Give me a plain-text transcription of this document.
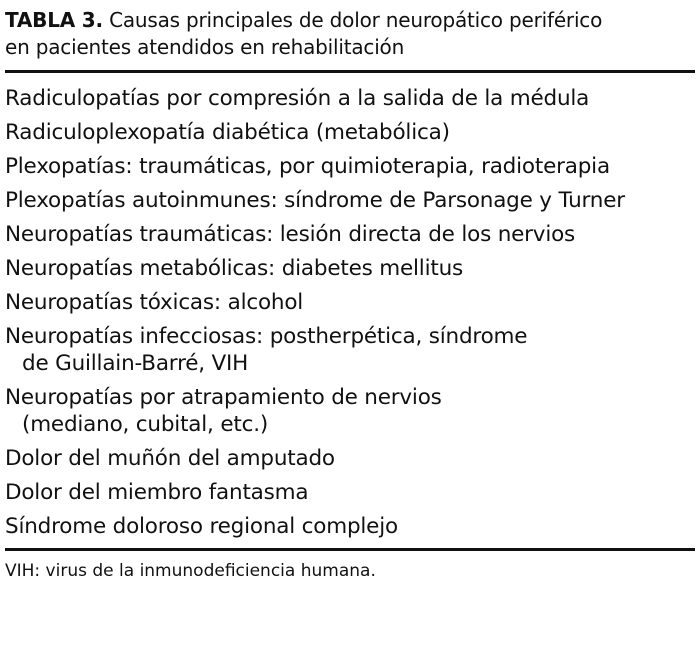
TABLA 3. Causas principales de dolor neuropático periférico
en pacientes atendidos en rehabilitación
Radiculopatías por compresión a la salida de la médula
Radiculoplexopatía diabética (metabólica)
Plexopatías: traumáticas, por quimioterapia, radioterapia
Plexopatías autoinmunes: síndrome de Parsonage y Turner
Neuropatías traumáticas: lesión directa de los nervios
Neuropatías metabólicas: diabetes mellitus
Neuropatías tóxicas: alcohol
Neuropatías infecciosas: postherpética, síndrome
de Guillain-Barré, VIH
Neuropatías por atrapamiento de nervios
(mediano, cubital, etc.)
Dolor del muñón del amputado
Dolor del miembro fantasma
Síndrome doloroso regional complejo
VIH: virus de la inmunodeficiencia humana.
